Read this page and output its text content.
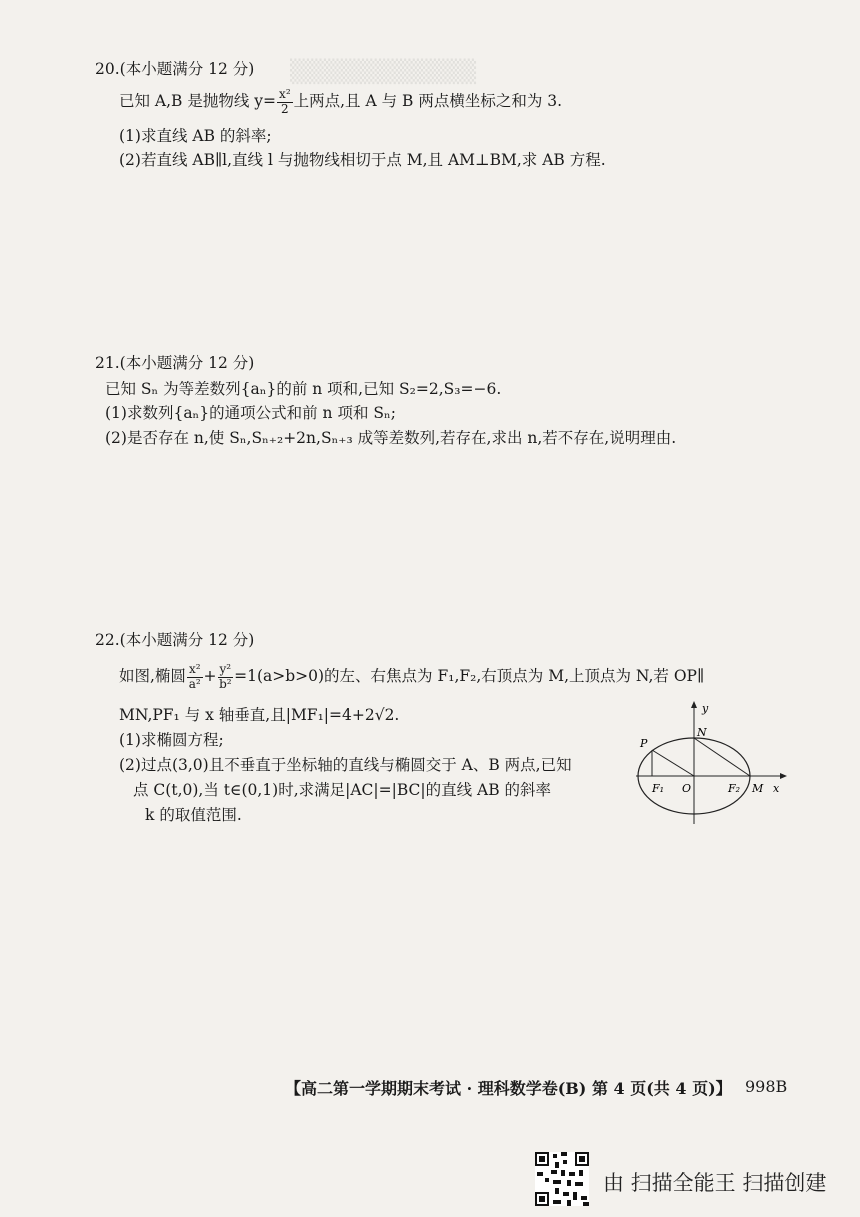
▒▒▒▒▒▒▒▒▒▒▒
20.(本小题满分 12 分)
已知 A,B 是抛物线 $y= \frac{\text{x²}}{2}$ 上两点,且 A 与 B 两点横坐标之和为 3.
(1)求直线 AB 的斜率;
(2)若直线 AB∥l,直线 l 与抛物线相切于点 M,且 AM⊥BM,求 AB 方程.
21.(本小题满分 12 分)
已知 Sₙ 为等差数列{aₙ}的前 n 项和,已知 S₂=2,S₃=−6.
(1)求数列{aₙ}的通项公式和前 n 项和 Sₙ;
(2)是否存在 n,使 Sₙ,Sₙ₊₂+2n,Sₙ₊₃ 成等差数列,若存在,求出 n,若不存在,说明理由.
22.(本小题满分 12 分)
如图,椭圆 $\frac{\text{x²}}{\text{a²}} + \frac{\text{y²}}{\text{b²}} =1(a>b>0)$的左、右焦点为 F₁,F₂,右顶点为 M,上顶点为 N,若 OP∥
MN,PF₁ 与 x 轴垂直,且|MF₁|=4+2√2.
(1)求椭圆方程;
(2)过点(3,0)且不垂直于坐标轴的直线与椭圆交于 A、B 两点,已知
点 C(t,0),当 t∈(0,1)时,求满足|AC|=|BC|的直线 AB 的斜率
k 的取值范围.
y
N
P
F₁ O	F₂ M x
【高二第一学期期末考试 · 理科数学卷(B) 第 4 页(共 4 页)】 998B
由 扫描全能王 扫描创建
